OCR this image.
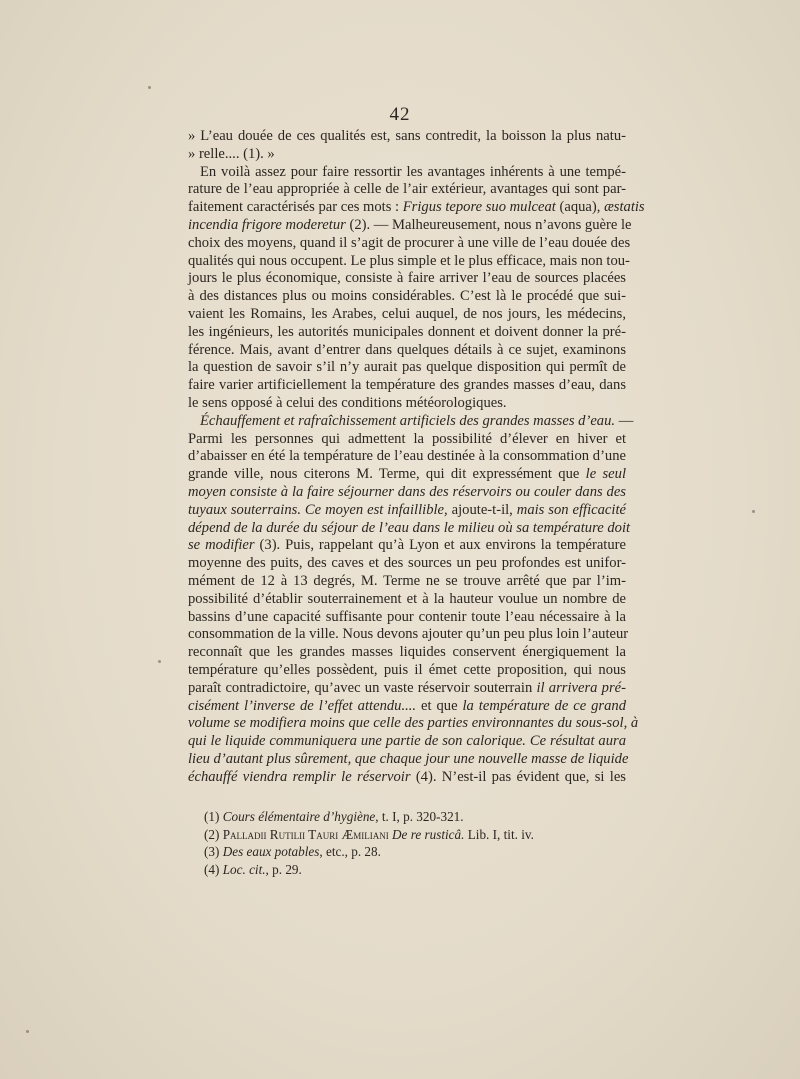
42
» L’eau douée de ces qualités est, sans contredit, la boisson la plus natu-
» relle.... (1). »
En voilà assez pour faire ressortir les avantages inhérents à une tempé-
rature de l’eau appropriée à celle de l’air extérieur, avantages qui sont par-
faitement caractérisés par ces mots : Frigus tepore suo mulceat (aqua), æstatis
incendia frigore moderetur (2). — Malheureusement, nous n’avons guère le
choix des moyens, quand il s’agit de procurer à une ville de l’eau douée des
qualités qui nous occupent. Le plus simple et le plus efficace, mais non tou-
jours le plus économique, consiste à faire arriver l’eau de sources placées
à des distances plus ou moins considérables. C’est là le procédé que sui-
vaient les Romains, les Arabes, celui auquel, de nos jours, les médecins,
les ingénieurs, les autorités municipales donnent et doivent donner la pré-
férence. Mais, avant d’entrer dans quelques détails à ce sujet, examinons
la question de savoir s’il n’y aurait pas quelque disposition qui permît de
faire varier artificiellement la température des grandes masses d’eau, dans
le sens opposé à celui des conditions météorologiques.
Échauffement et rafraîchissement artificiels des grandes masses d’eau. —
Parmi les personnes qui admettent la possibilité d’élever en hiver et
d’abaisser en été la température de l’eau destinée à la consommation d’une
grande ville, nous citerons M. Terme, qui dit expressément que le seul
moyen consiste à la faire séjourner dans des réservoirs ou couler dans des
tuyaux souterrains. Ce moyen est infaillible, ajoute-t-il, mais son efficacité
dépend de la durée du séjour de l’eau dans le milieu où sa température doit
se modifier (3). Puis, rappelant qu’à Lyon et aux environs la température
moyenne des puits, des caves et des sources un peu profondes est unifor-
mément de 12 à 13 degrés, M. Terme ne se trouve arrêté que par l’im-
possibilité d’établir souterrainement et à la hauteur voulue un nombre de
bassins d’une capacité suffisante pour contenir toute l’eau nécessaire à la
consommation de la ville. Nous devons ajouter qu’un peu plus loin l’auteur
reconnaît que les grandes masses liquides conservent énergiquement la
température qu’elles possèdent, puis il émet cette proposition, qui nous
paraît contradictoire, qu’avec un vaste réservoir souterrain il arrivera pré-
cisément l’inverse de l’effet attendu.... et que la température de ce grand
volume se modifiera moins que celle des parties environnantes du sous-sol, à
qui le liquide communiquera une partie de son calorique. Ce résultat aura
lieu d’autant plus sûrement, que chaque jour une nouvelle masse de liquide
échauffé viendra remplir le réservoir (4). N’est-il pas évident que, si les
(1) Cours élémentaire d’hygiène, t. I, p. 320-321.
(2) Palladii Rutilii Tauri Æmiliani De re rusticâ. Lib. I, tit. iv.
(3) Des eaux potables, etc., p. 28.
(4) Loc. cit., p. 29.
